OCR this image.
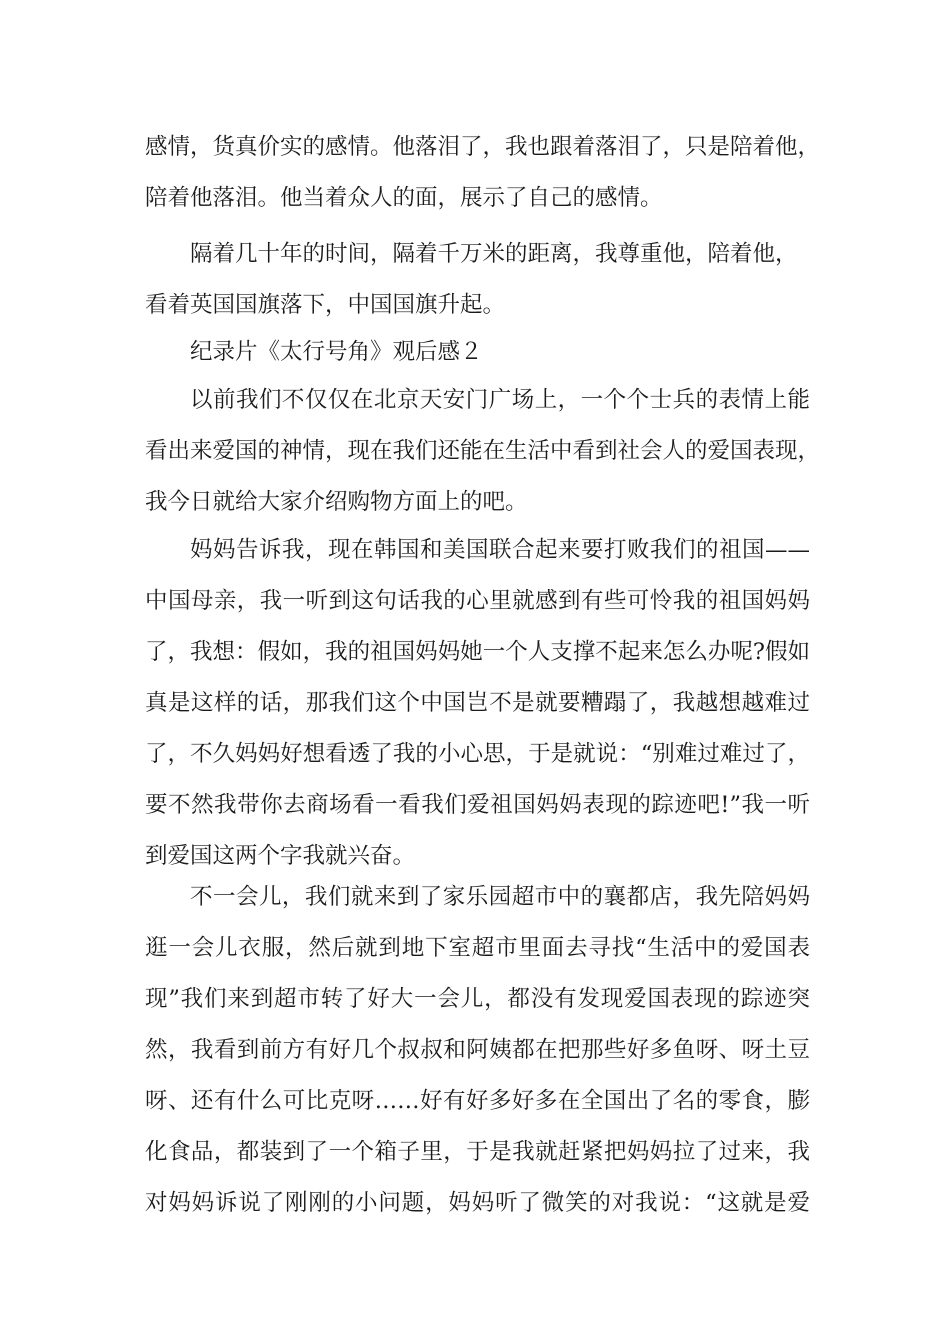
感情，货真价实的感情。他落泪了，我也跟着落泪了，只是陪着他，
陪着他落泪。他当着众人的面，展示了自己的感情。
隔着几十年的时间，隔着千万米的距离，我尊重他，陪着他，
看着英国国旗落下，中国国旗升起。
纪录片《太行号角》观后感２
以前我们不仅仅在北京天安门广场上，一个个士兵的表情上能
看出来爱国的神情，现在我们还能在生活中看到社会人的爱国表现，
我今日就给大家介绍购物方面上的吧。
妈妈告诉我，现在韩国和美国联合起来要打败我们的祖国——
中国母亲，我一听到这句话我的心里就感到有些可怜我的祖国妈妈
了，我想：假如，我的祖国妈妈她一个人支撑不起来怎么办呢?假如
真是这样的话，那我们这个中国岂不是就要糟蹋了，我越想越难过
了，不久妈妈好想看透了我的小心思，于是就说：“别难过难过了，
要不然我带你去商场看一看我们爱祖国妈妈表现的踪迹吧!”我一听
到爱国这两个字我就兴奋。
不一会儿，我们就来到了家乐园超市中的襄都店，我先陪妈妈
逛一会儿衣服，然后就到地下室超市里面去寻找“生活中的爱国表
现”我们来到超市转了好大一会儿，都没有发现爱国表现的踪迹突
然，我看到前方有好几个叔叔和阿姨都在把那些好多鱼呀、呀土豆
呀、还有什么可比克呀……好有好多好多在全国出了名的零食，膨
化食品，都装到了一个箱子里，于是我就赶紧把妈妈拉了过来，我
对妈妈诉说了刚刚的小问题，妈妈听了微笑的对我说：“这就是爱
